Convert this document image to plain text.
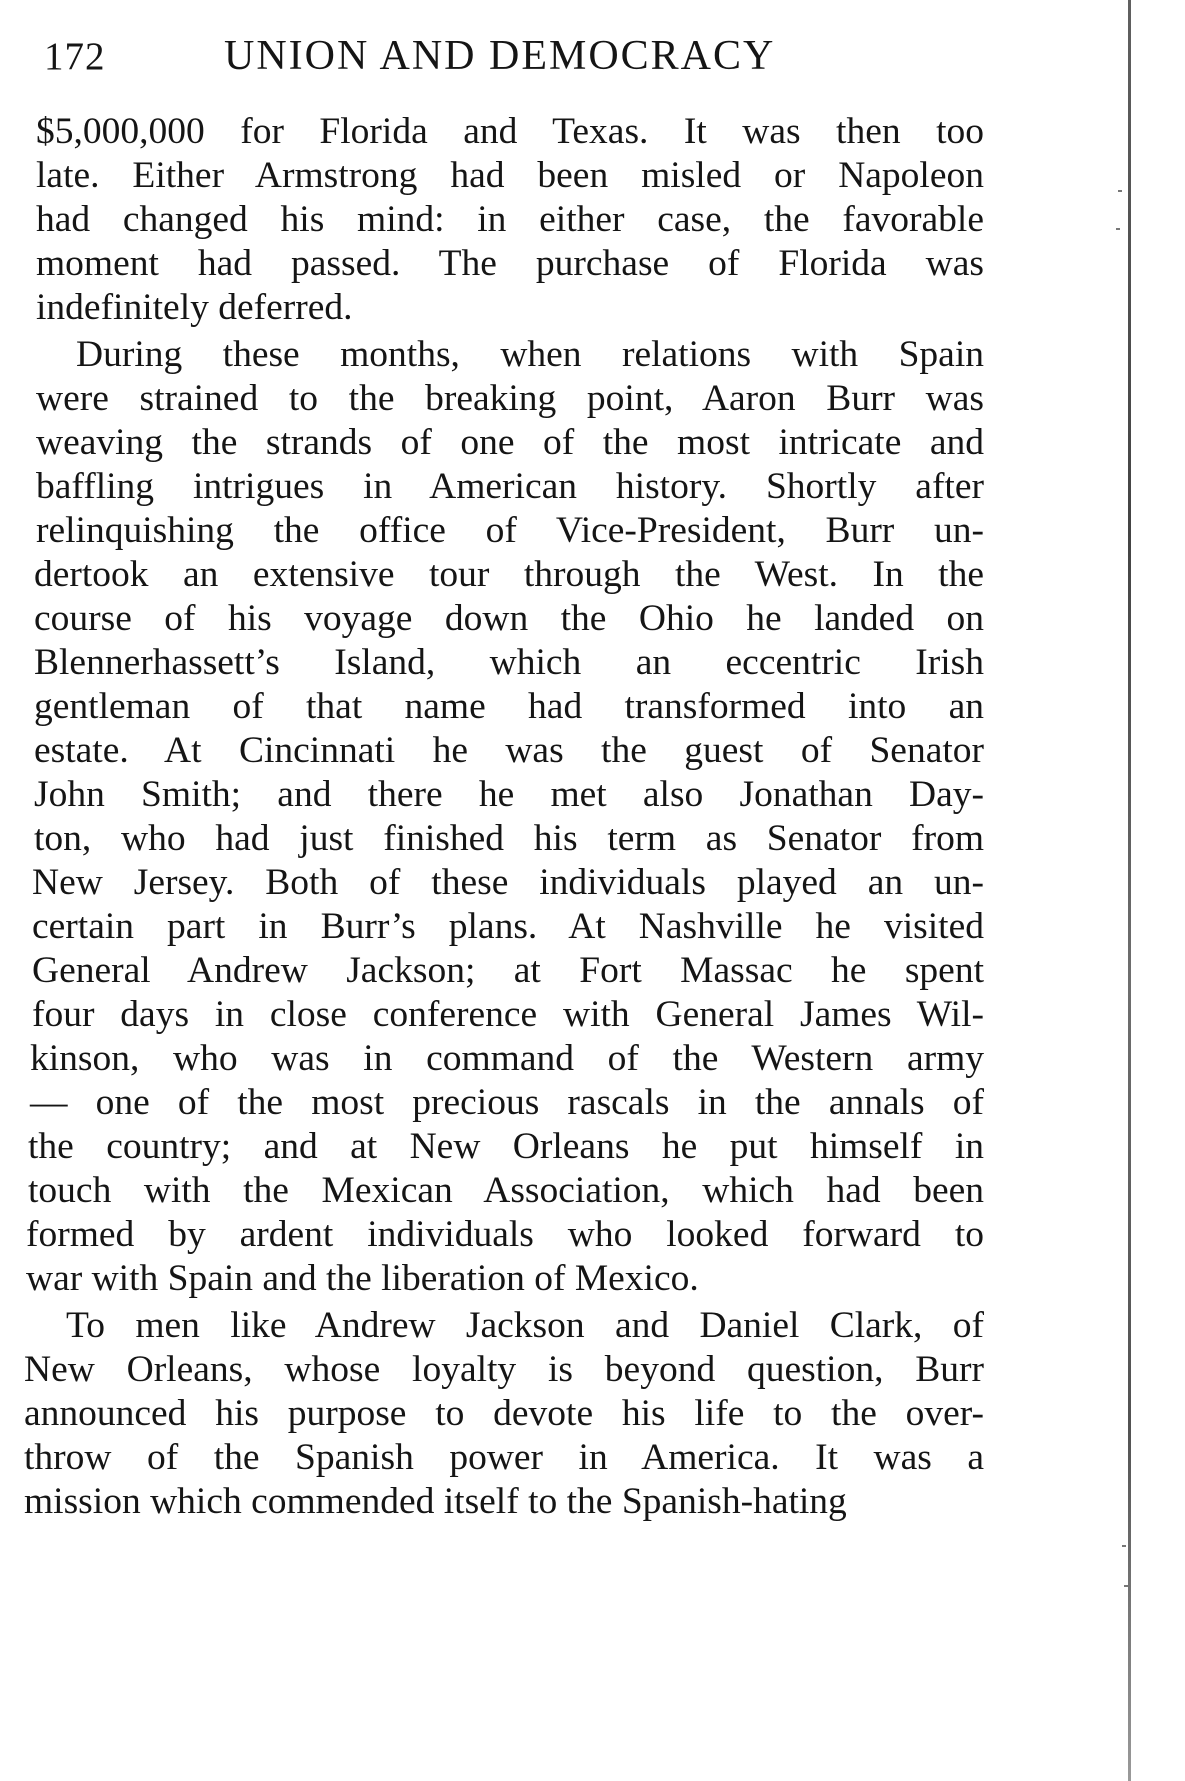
172	UNION AND DEMOCRACY
$5,000,000 for Florida and Texas. It was then too
late. Either Armstrong had been misled or Napoleon
had changed his mind: in either case, the favorable
moment had passed. The purchase of Florida was
indefinitely deferred.
During these months, when relations with Spain
were strained to the breaking point, Aaron Burr was
weaving the strands of one of the most intricate and
baffling intrigues in American history. Shortly after
relinquishing the office of Vice-President, Burr un-
dertook an extensive tour through the West. In the
course of his voyage down the Ohio he landed on
Blennerhassett’s Island, which an eccentric Irish
gentleman of that name had transformed into an
estate. At Cincinnati he was the guest of Senator
John Smith; and there he met also Jonathan Day-
ton, who had just finished his term as Senator from
New Jersey. Both of these individuals played an un-
certain part in Burr’s plans. At Nashville he visited
General Andrew Jackson; at Fort Massac he spent
four days in close conference with General James Wil-
kinson, who was in command of the Western army
— one of the most precious rascals in the annals of
the country; and at New Orleans he put himself in
touch with the Mexican Association, which had been
formed by ardent individuals who looked forward to
war with Spain and the liberation of Mexico.
To men like Andrew Jackson and Daniel Clark, of
New Orleans, whose loyalty is beyond question, Burr
announced his purpose to devote his life to the over-
throw of the Spanish power in America. It was a
mission which commended itself to the Spanish-hating
